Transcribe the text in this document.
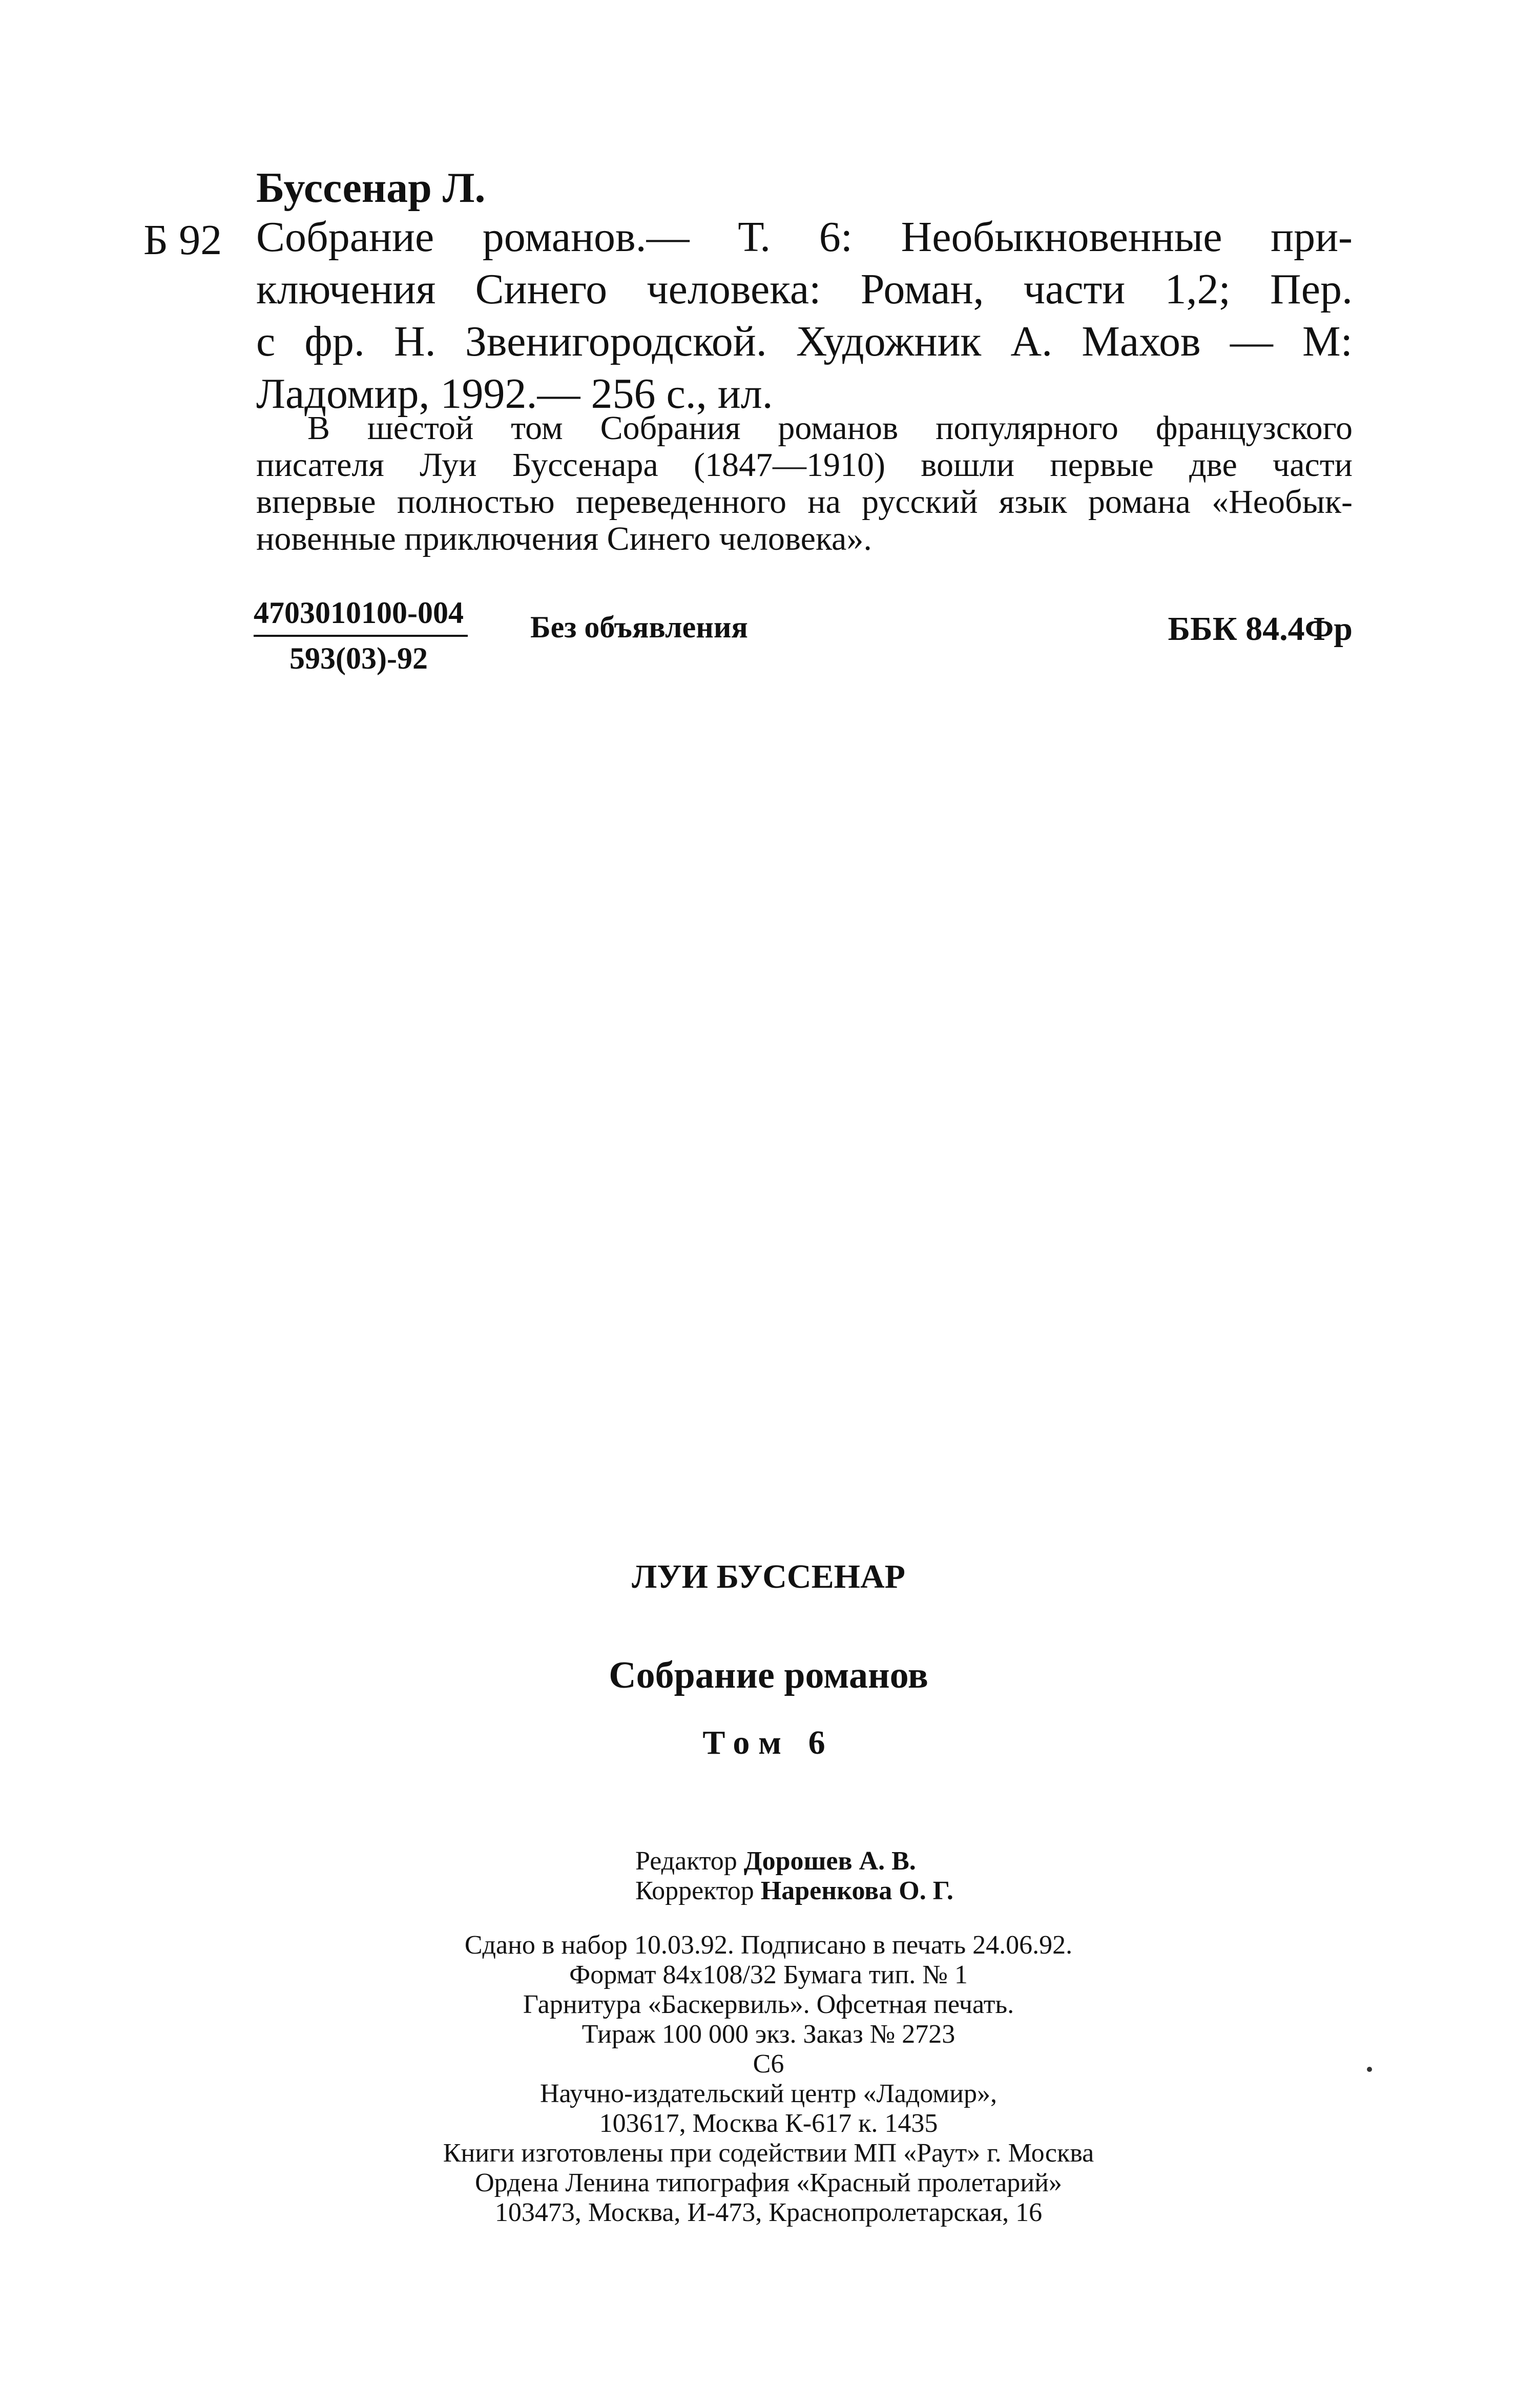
Буссенар Л.
Б 92 Собрание романов.— Т. 6: Необыкновенные при-
ключения Синего человека: Роман, части 1,2; Пер.
с фр. Н. Звенигородской. Художник А. Махов — М:
Ладомир, 1992.— 256 с., ил.
В шестой том Собрания романов популярного французского
писателя Луи Буссенара (1847—1910) вошли первые две части
впервые полностью переведенного на русский язык романа «Необык-
новенные приключения Синего человека».
4703010100-004
593(03)-92
Без объявления	ББК 84.4Фр
ЛУИ БУССЕНАР
Собрание романов
Том 6
Редактор Дорошев А. В.
Корректор Наренкова О. Г.
Сдано в набор 10.03.92. Подписано в печать 24.06.92.
Формат 84x108/32 Бумага тип. № 1
Гарнитура «Баскервиль». Офсетная печать.
Тираж 100 000 экз. Заказ № 2723
С6
Научно-издательский центр «Ладомир»,
103617, Москва К-617 к. 1435
Книги изготовлены при содействии МП «Раут» г. Москва
Ордена Ленина типография «Красный пролетарий»
103473, Москва, И-473, Краснопролетарская, 16
